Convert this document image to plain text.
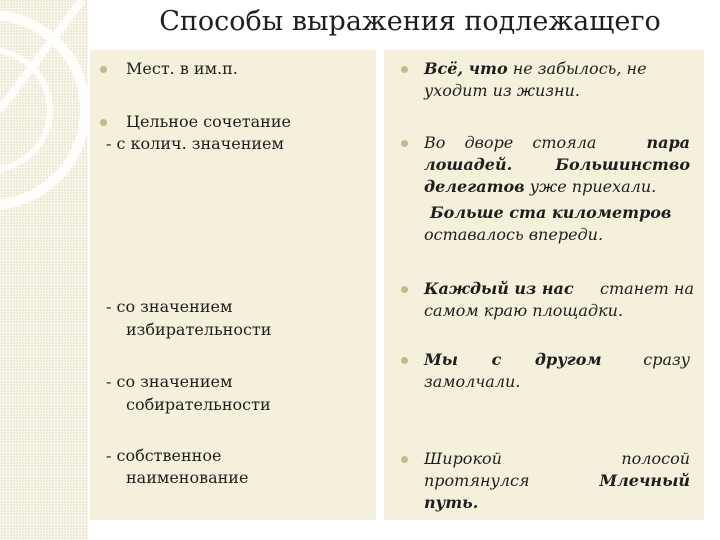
Способы выражения подлежащего
Мест. в им.п.
Цельное сочетание
- с колич. значением
- со значением
избирательности
- со значением
собирательности
- собственное
наименование
Всё, что не забылось, не
уходит из жизни.
Во дворе стояла	пара
лошадей.	Большинство
делегатов уже приехали.
Больше ста километров
оставалось впереди.
Каждый из нас станет на
самом краю площадки.
Мы с другом	сразу
замолчали.
Широкой	полосой
протянулся	Млечный
путь.
